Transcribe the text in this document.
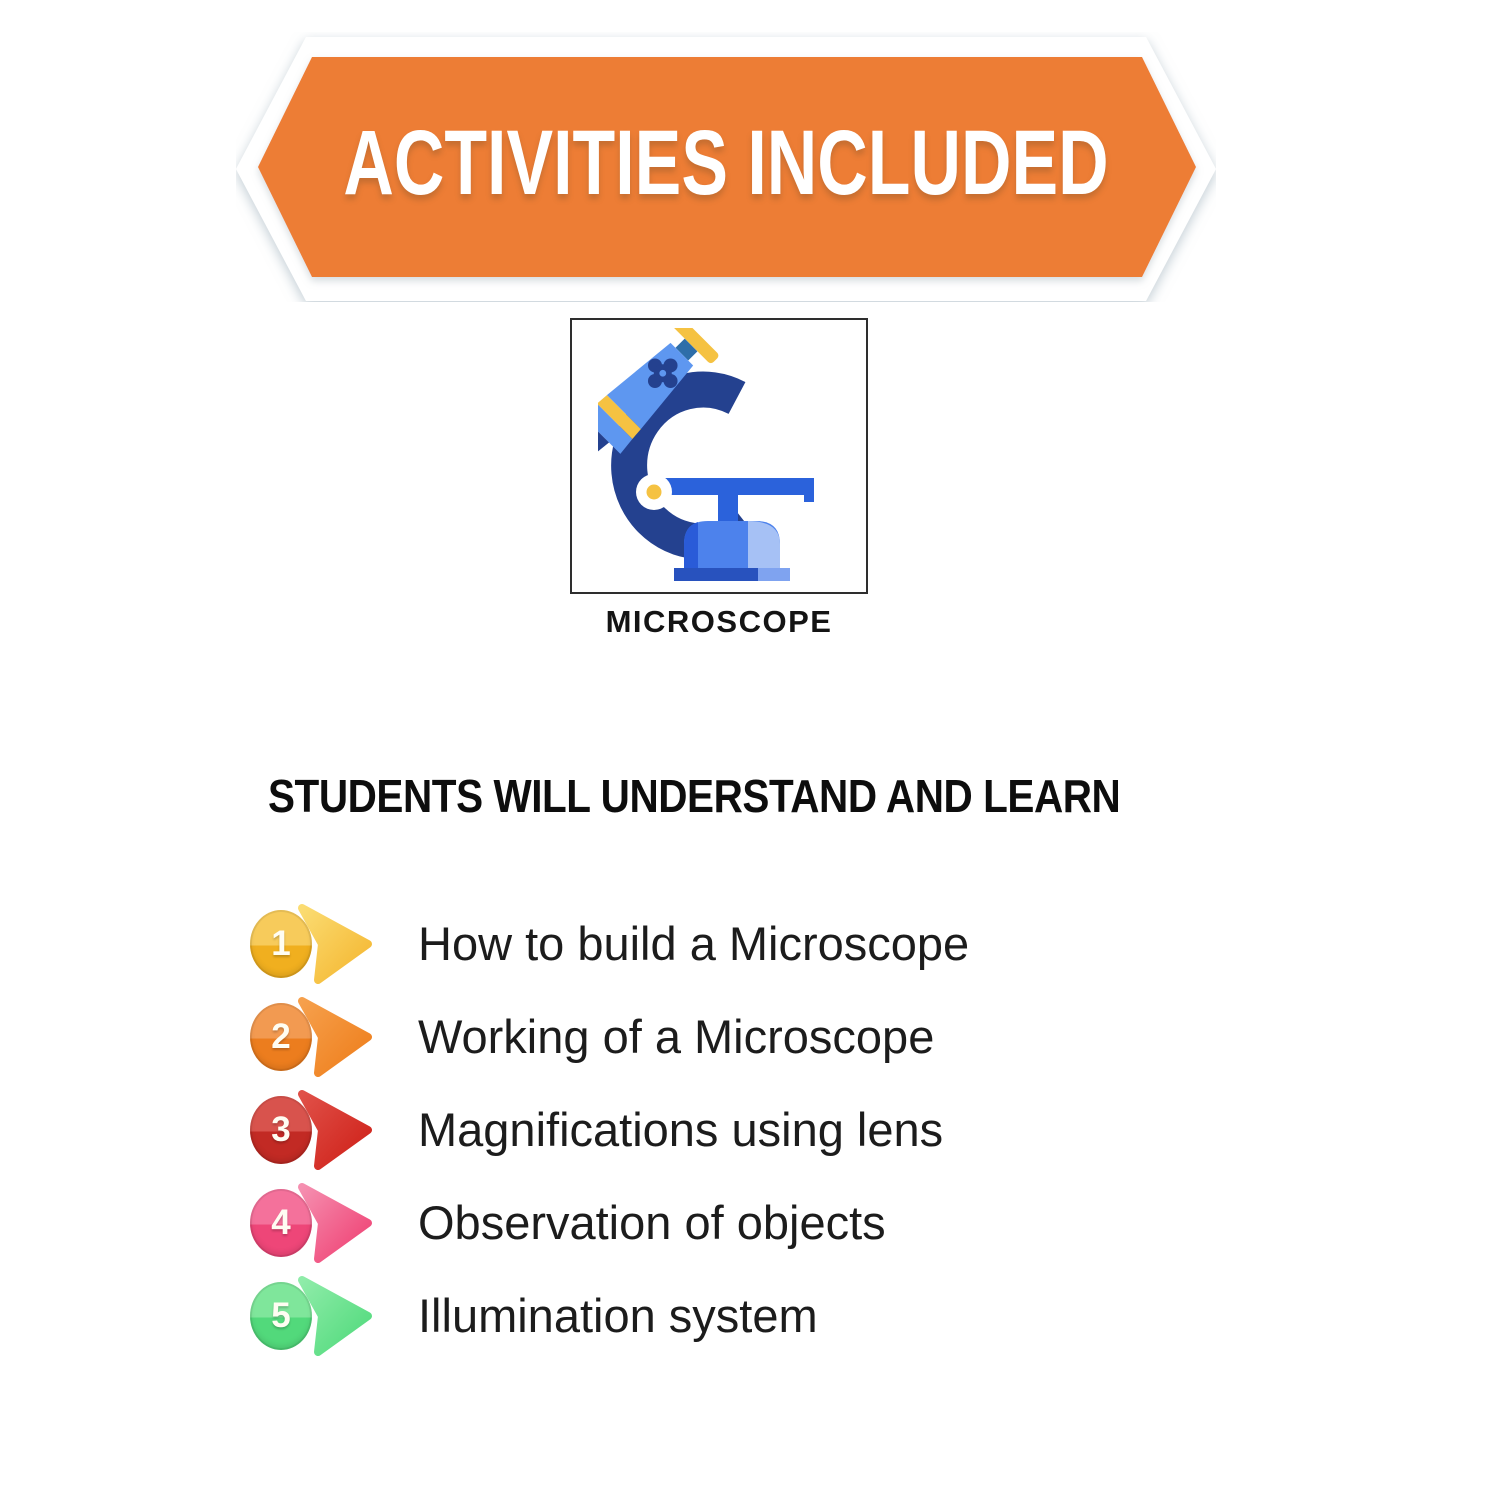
ACTIVITIES INCLUDED
MICROSCOPE
STUDENTS WILL UNDERSTAND AND LEARN
1	How to build a Microscope
2	Working of a Microscope
3	Magnifications using lens
4	Observation of objects
5	Illumination system
